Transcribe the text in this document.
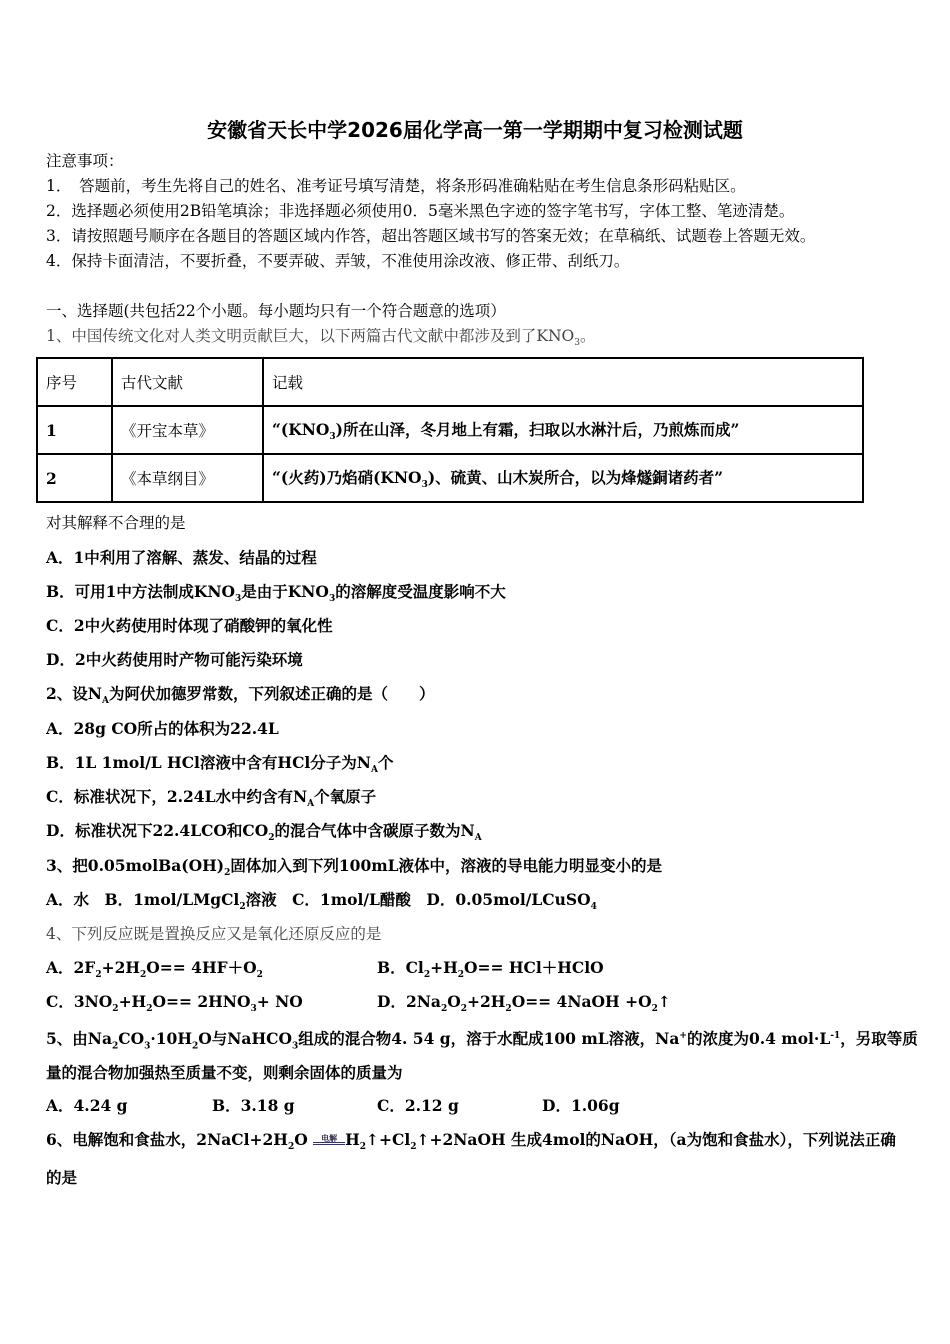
安徽省天长中学2026届化学高一第一学期期中复习检测试题
注意事项：
1．　答题前，考生先将自己的姓名、准考证号填写清楚，将条形码准确粘贴在考生信息条形码粘贴区。
2．选择题必须使用2B铅笔填涂；非选择题必须使用0．5毫米黑色字迹的签字笔书写，字体工整、笔迹清楚。
3．请按照题号顺序在各题目的答题区域内作答，超出答题区域书写的答案无效；在草稿纸、试题卷上答题无效。
4．保持卡面清洁，不要折叠，不要弄破、弄皱，不准使用涂改液、修正带、刮纸刀。
一、选择题(共包括22个小题。每小题均只有一个符合题意的选项）
1、中国传统文化对人类文明贡献巨大，以下两篇古代文献中都涉及到了$KNO_3$。
序号	古代文献	记载
1	《开宝本草》	“$(KNO_3)$所在山泽，冬月地上有霜，扫取以水淋汁后，乃煎炼而成”
2	《本草纲目》	“(火药)乃焰硝$(KNO_3)$、硫黄、山木炭所合，以为烽燧銅诸药者”
对其解释不合理的是
A．1中利用了溶解、蒸发、结晶的过程
B．可用1中方法制成$KNO_3$是由于$KNO_3$的溶解度受温度影响不大
C．2中火药使用时体现了硝酸钾的氧化性
D．2中火药使用时产物可能污染环境
2、设$N_A$为阿伏加德罗常数，下列叙述正确的是（　　）
A．28g CO所占的体积为22.4L
B．1L 1mol/L HCl溶液中含有HCl分子为$N_A$个
C．标准状况下，2.24L水中约含有$N_A$个氧原子
D．标准状况下22.4LCO和$CO_2$的混合气体中含碳原子数为$N_A$
3、把$0.05molBa(OH)_2$固体加入到下列100mL液体中，溶液的导电能力明显变小的是
A．水　B．1mol/LMgCl$_2$溶液　C．1mol/L醋酸　D．0.05mol/LCuSO$_4$
4、下列反应既是置换反应又是氧化还原反应的是
A．$2F_2+2H_2O== 4HF+O_2$	B．$Cl_2+H_2O==$ HCl＋HClO
C．$3NO_2+H_2O== 2HNO_3+$ NO	D．$2Na_2O_2+2H_2O==$ 4NaOH $+O_2↑$
5、由$Na_2CO_3\cdot 10H_2O$与NaHCO$_3$组成的混合物4. 54 g，溶于水配成100 mL溶液，Na+的浓度为0.4 $mol\cdot L^{-1}$，另取等质
量的混合物加强热至质量不变，则剩余固体的质量为
A．4.24 g	B．3.18 g	C．2.12 g	D．1.06g
6、电解饱和食盐水，$2NaCl+2H_2O$ 电解 $H_2↑+Cl_2↑+2NaOH$ 生成4mol的NaOH，（a为饱和食盐水），下列说法正确
的是
